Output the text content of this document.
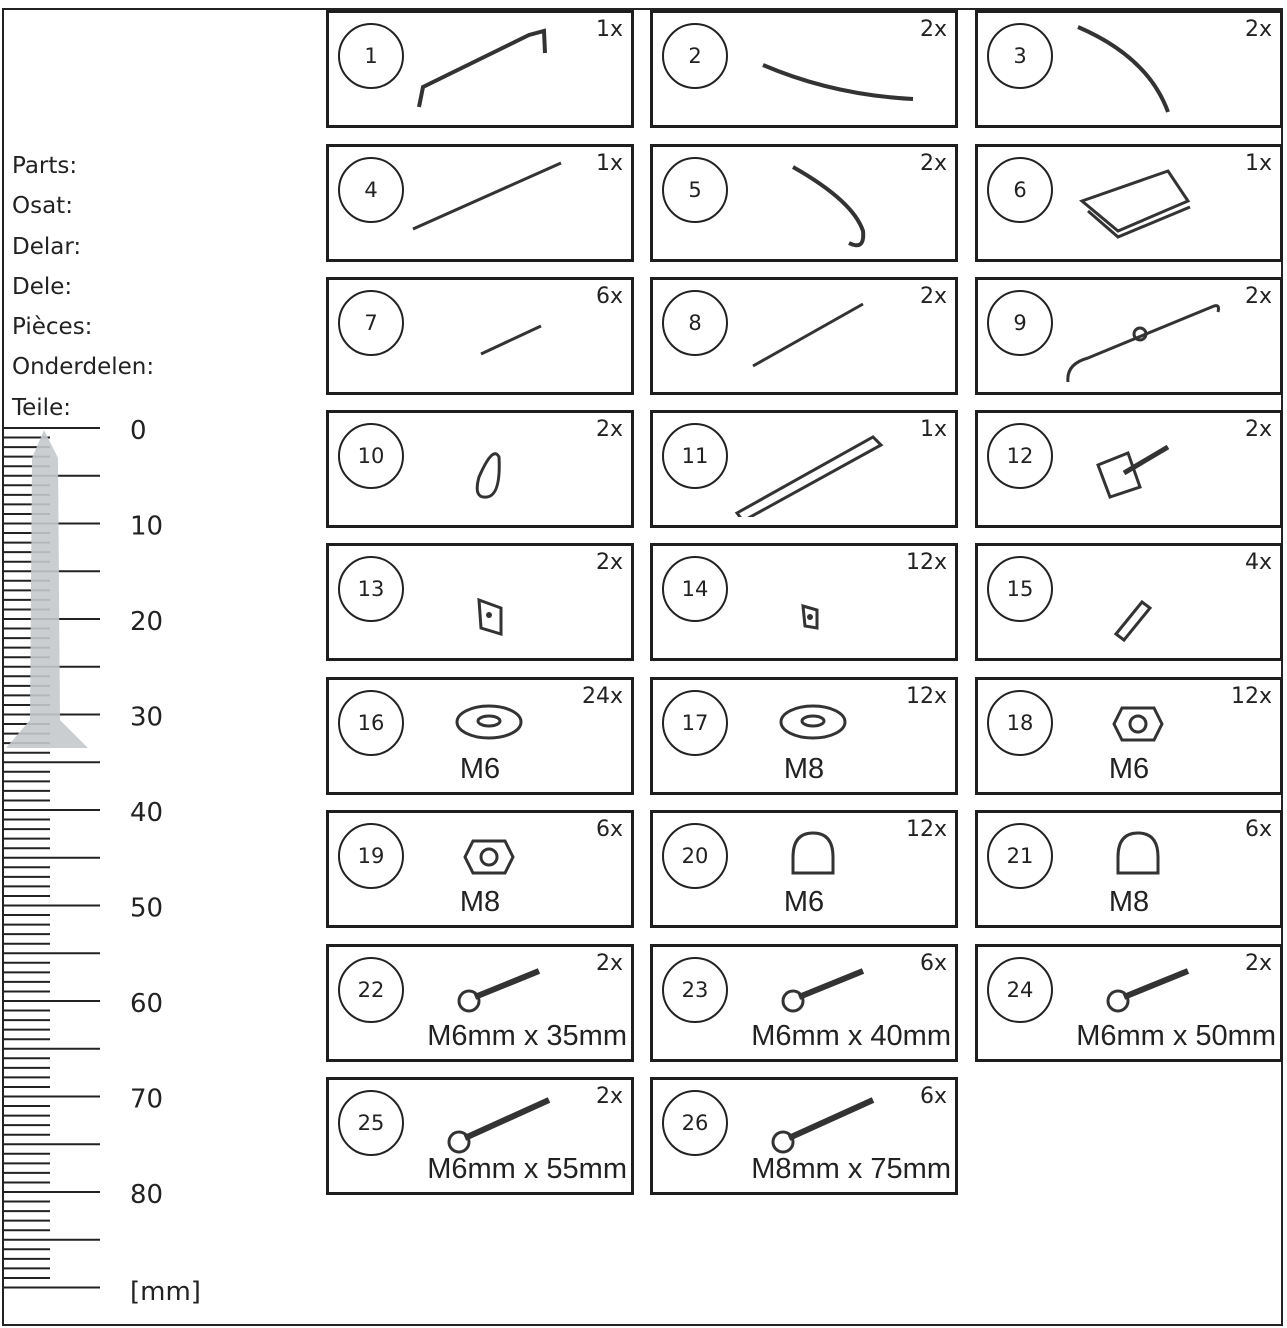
Parts:
Osat:
Delar:
Dele:
Pièces:
Onderdelen:
Teile:
0
10
20
30
40
50
60
70
80
[mm]
1
1x
2
2x
3
2x
4
1x
5
2x
6
1x
7
6x
8
2x
9
2x
10
2x
11
1x
12
2x
13
2x
14
12x
15
4x
16
24x
M6
17
12x
M8
18
12x
M6
19
6x
M8
20
12x
M6
21
6x
M8
22
2x
M6mm x 35mm
23
6x
M6mm x 40mm
24
2x
M6mm x 50mm
25
2x
M6mm x 55mm
26
6x
M8mm x 75mm
